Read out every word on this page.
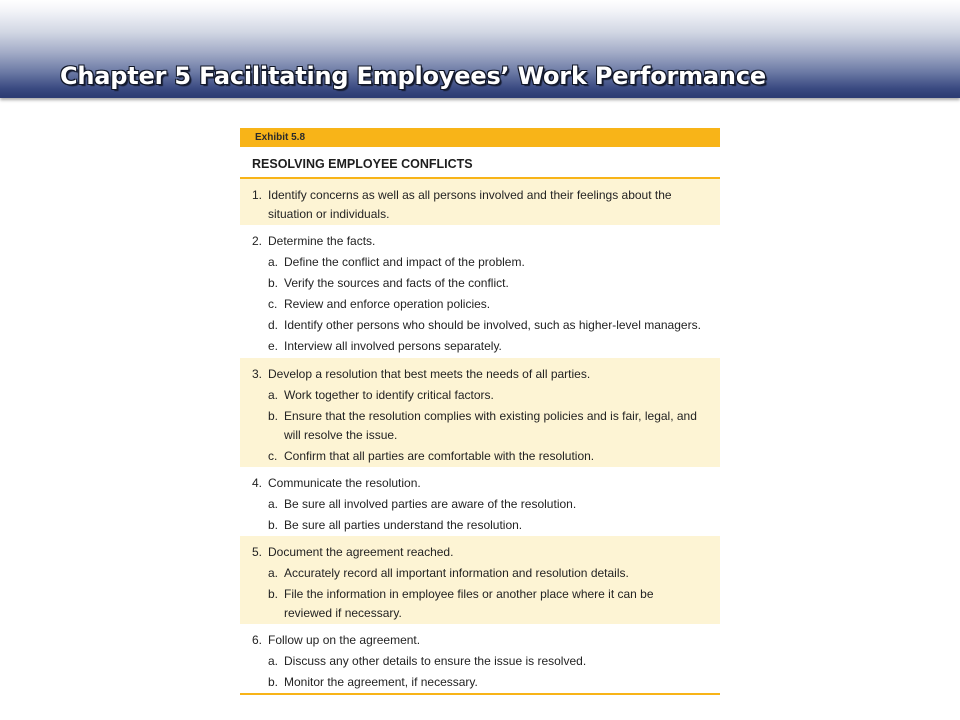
Chapter 5 Facilitating Employees’ Work Performance
Exhibit 5.8
RESOLVING EMPLOYEE CONFLICTS
1. Identify concerns as well as all persons involved and their feelings about the
situation or individuals.
2. Determine the facts.
a. Define the conflict and impact of the problem.
b. Verify the sources and facts of the conflict.
c. Review and enforce operation policies.
d. Identify other persons who should be involved, such as higher-level managers.
e. Interview all involved persons separately.
3. Develop a resolution that best meets the needs of all parties.
a. Work together to identify critical factors.
b. Ensure that the resolution complies with existing policies and is fair, legal, and
will resolve the issue.
c. Confirm that all parties are comfortable with the resolution.
4. Communicate the resolution.
a. Be sure all involved parties are aware of the resolution.
b. Be sure all parties understand the resolution.
5. Document the agreement reached.
a. Accurately record all important information and resolution details.
b. File the information in employee files or another place where it can be
reviewed if necessary.
6. Follow up on the agreement.
a. Discuss any other details to ensure the issue is resolved.
b. Monitor the agreement, if necessary.
